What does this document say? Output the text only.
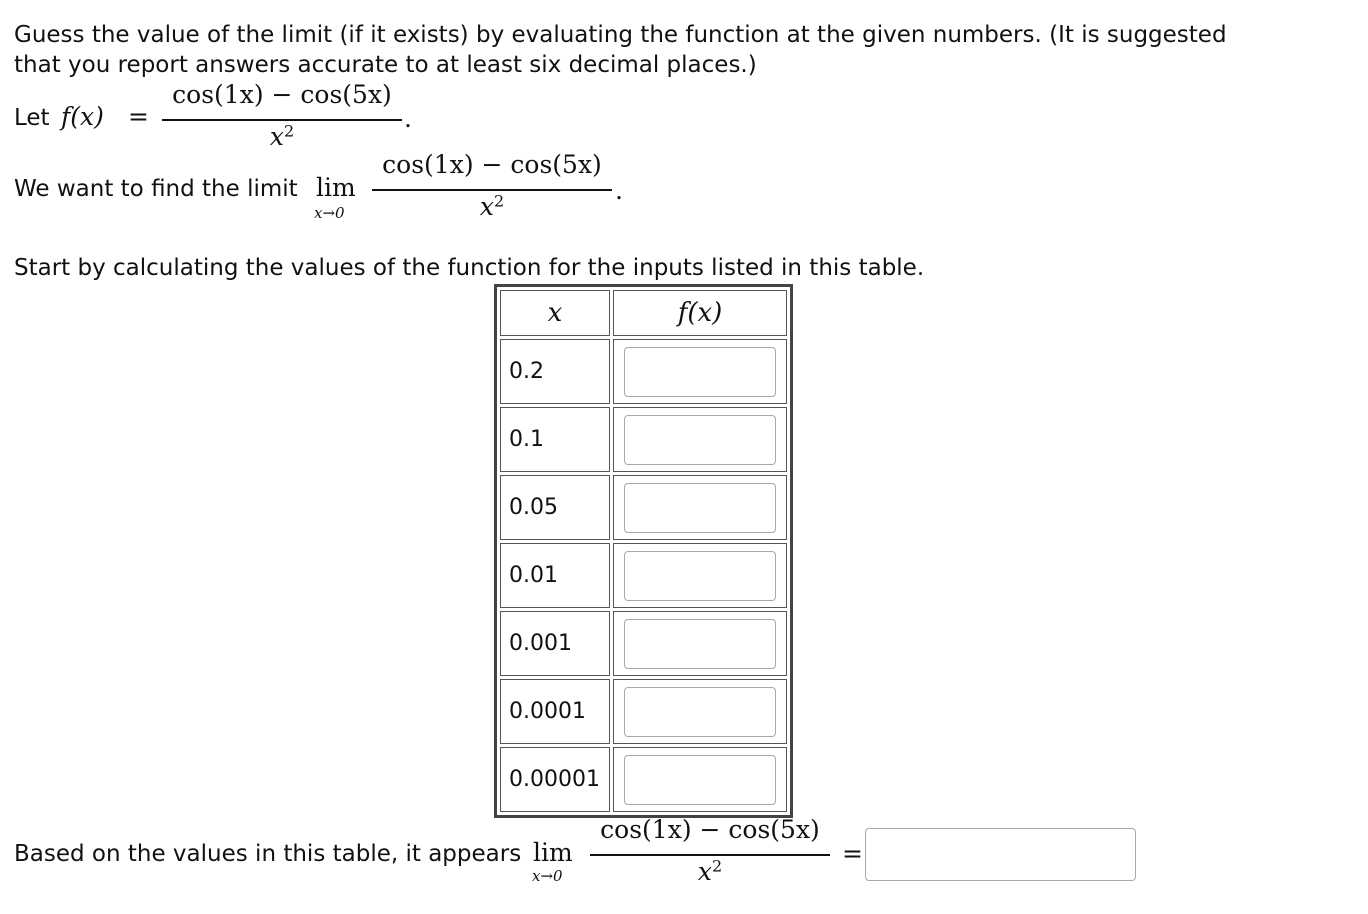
Guess the value of the limit (if it exists) by evaluating the function at the given numbers. (It is suggested
that you report answers accurate to at least six decimal places.)
Let f(x) =
cos(1x) − cos(5x)
$x^2$	.
We want to find the limit lim
x→0
cos(1x) − cos(5x)
$x^2$	.
Start by calculating the values of the function for the inputs listed in this table.
x	f(x)
0.2	
0.1	
0.05	
0.01	
0.001	
0.0001	
0.00001	
Based on the values in this table, it appears lim
x→0
cos(1x) − cos(5x)
$x^2$	=
